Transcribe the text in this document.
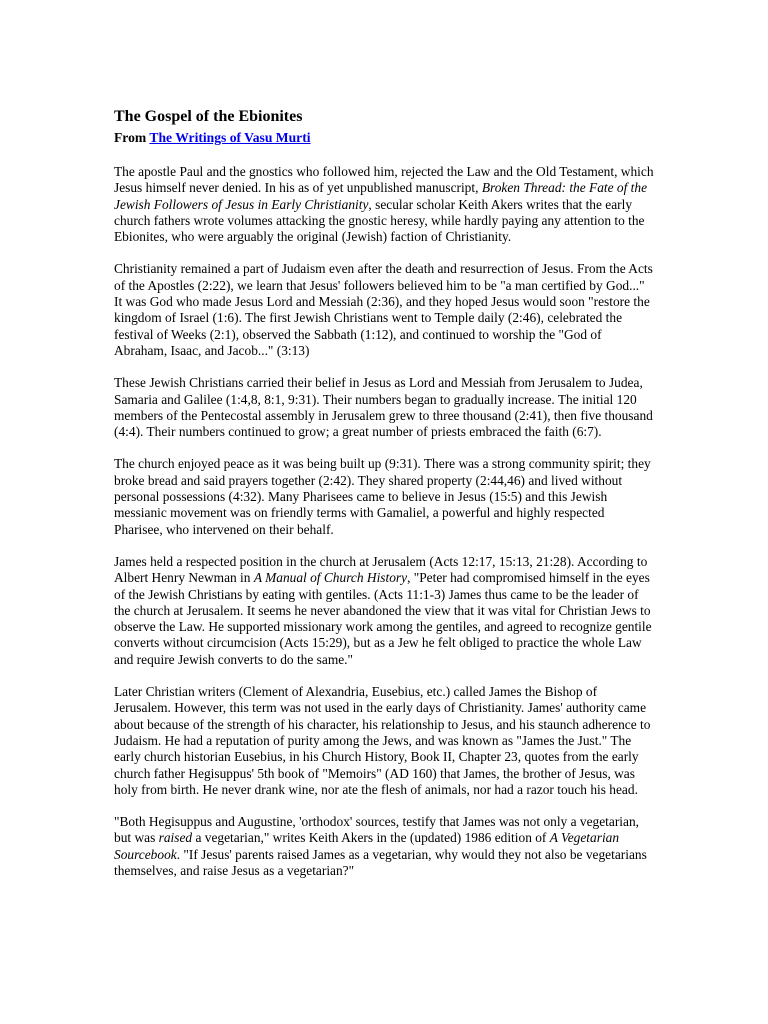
The Gospel of the Ebionites
From The Writings of Vasu Murti

The apostle Paul and the gnostics who followed him, rejected the Law and the Old Testament, which Jesus himself never denied. In his as of yet unpublished manuscript, Broken Thread: the Fate of the Jewish Followers of Jesus in Early Christianity, secular scholar Keith Akers writes that the early church fathers wrote volumes attacking the gnostic heresy, while hardly paying any attention to the Ebionites, who were arguably the original (Jewish) faction of Christianity.

Christianity remained a part of Judaism even after the death and resurrection of Jesus. From the Acts of the Apostles (2:22), we learn that Jesus' followers believed him to be "a man certified by God..." It was God who made Jesus Lord and Messiah (2:36), and they hoped Jesus would soon "restore the kingdom of Israel (1:6). The first Jewish Christians went to Temple daily (2:46), celebrated the festival of Weeks (2:1), observed the Sabbath (1:12), and continued to worship the "God of Abraham, Isaac, and Jacob..." (3:13)

These Jewish Christians carried their belief in Jesus as Lord and Messiah from Jerusalem to Judea, Samaria and Galilee (1:4,8, 8:1, 9:31). Their numbers began to gradually increase. The initial 120 members of the Pentecostal assembly in Jerusalem grew to three thousand (2:41), then five thousand (4:4). Their numbers continued to grow; a great number of priests embraced the faith (6:7).

The church enjoyed peace as it was being built up (9:31). There was a strong community spirit; they broke bread and said prayers together (2:42). They shared property (2:44,46) and lived without personal possessions (4:32). Many Pharisees came to believe in Jesus (15:5) and this Jewish messianic movement was on friendly terms with Gamaliel, a powerful and highly respected Pharisee, who intervened on their behalf.

James held a respected position in the church at Jerusalem (Acts 12:17, 15:13, 21:28). According to Albert Henry Newman in A Manual of Church History, "Peter had compromised himself in the eyes of the Jewish Christians by eating with gentiles. (Acts 11:1-3) James thus came to be the leader of the church at Jerusalem. It seems he never abandoned the view that it was vital for Christian Jews to observe the Law. He supported missionary work among the gentiles, and agreed to recognize gentile converts without circumcision (Acts 15:29), but as a Jew he felt obliged to practice the whole Law and require Jewish converts to do the same."

Later Christian writers (Clement of Alexandria, Eusebius, etc.) called James the Bishop of Jerusalem. However, this term was not used in the early days of Christianity. James' authority came about because of the strength of his character, his relationship to Jesus, and his staunch adherence to Judaism. He had a reputation of purity among the Jews, and was known as "James the Just." The early church historian Eusebius, in his Church History, Book II, Chapter 23, quotes from the early church father Hegisuppus' 5th book of "Memoirs" (AD 160) that James, the brother of Jesus, was holy from birth. He never drank wine, nor ate the flesh of animals, nor had a razor touch his head.

"Both Hegisuppus and Augustine, 'orthodox' sources, testify that James was not only a vegetarian, but was raised a vegetarian," writes Keith Akers in the (updated) 1986 edition of A Vegetarian Sourcebook. "If Jesus' parents raised James as a vegetarian, why would they not also be vegetarians themselves, and raise Jesus as a vegetarian?"
